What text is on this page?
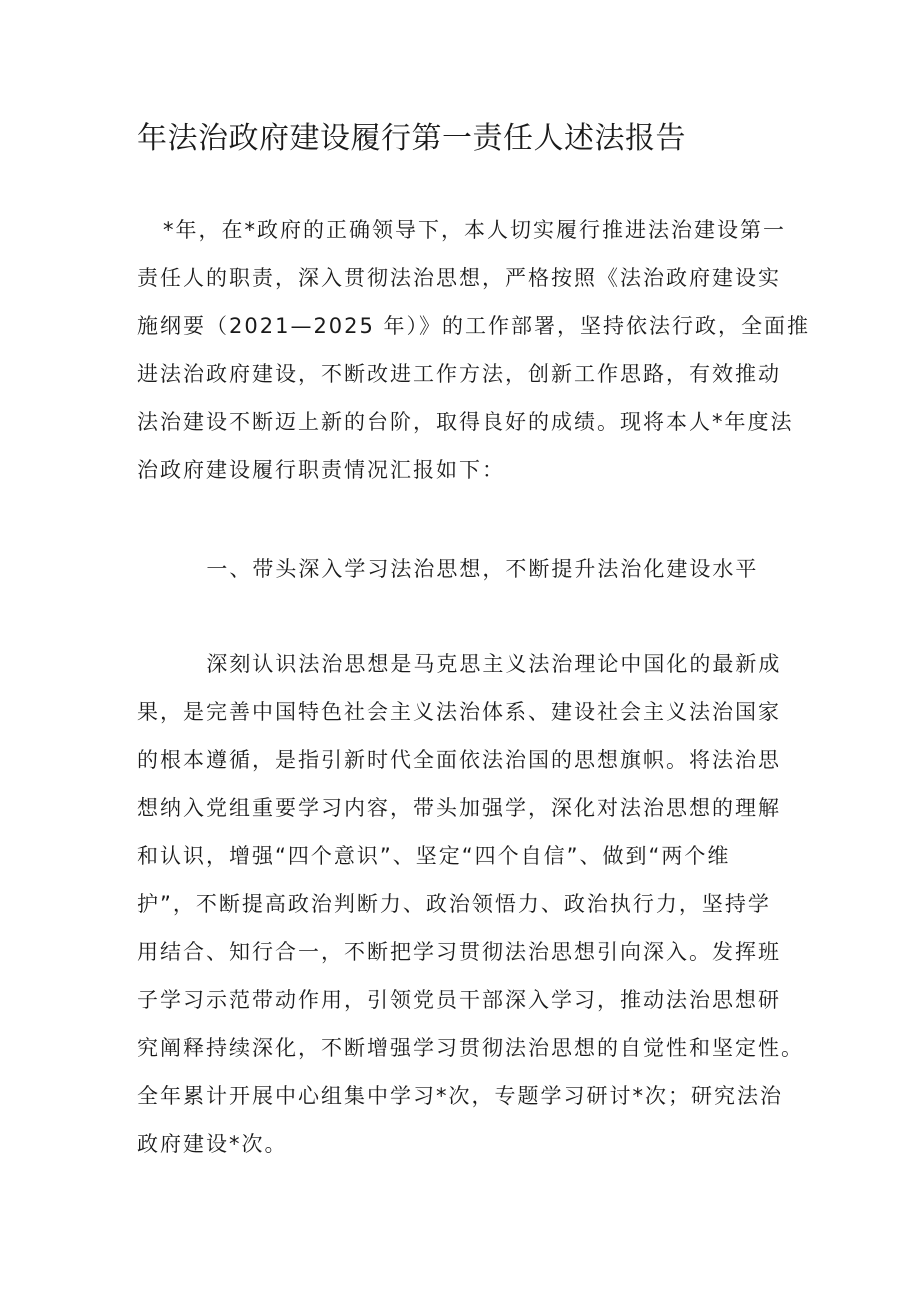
年法治政府建设履行第一责任人述法报告

*年，在*政府的正确领导下，本人切实履行推进法治建设第一
责任人的职责，深入贯彻法治思想，严格按照《法治政府建设实
施纲要（2021—2025 年）》的工作部署，坚持依法行政，全面推
进法治政府建设，不断改进工作方法，创新工作思路，有效推动
法治建设不断迈上新的台阶，取得良好的成绩。现将本人*年度法
治政府建设履行职责情况汇报如下：

一、带头深入学习法治思想，不断提升法治化建设水平

深刻认识法治思想是马克思主义法治理论中国化的最新成
果，是完善中国特色社会主义法治体系、建设社会主义法治国家
的根本遵循，是指引新时代全面依法治国的思想旗帜。将法治思
想纳入党组重要学习内容，带头加强学，深化对法治思想的理解
和认识，增强“四个意识”、坚定“四个自信”、做到“两个维
护”，不断提高政治判断力、政治领悟力、政治执行力，坚持学
用结合、知行合一，不断把学习贯彻法治思想引向深入。发挥班
子学习示范带动作用，引领党员干部深入学习，推动法治思想研
究阐释持续深化，不断增强学习贯彻法治思想的自觉性和坚定性。
全年累计开展中心组集中学习*次，专题学习研讨*次；研究法治
政府建设*次。
